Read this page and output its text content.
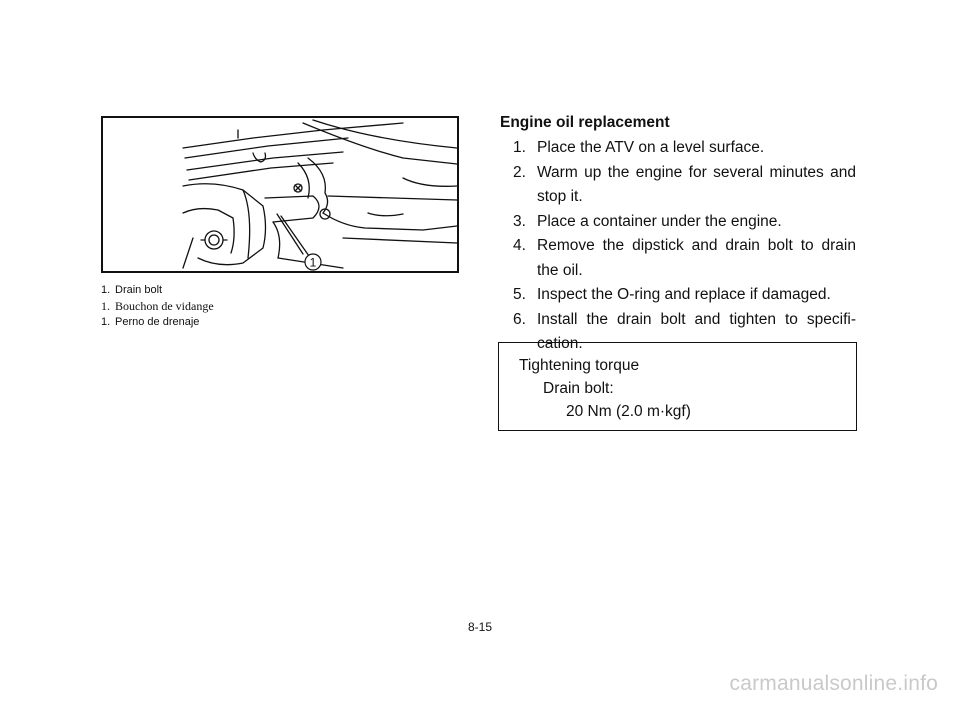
1
1. Drain bolt
1. Bouchon de vidange
1. Perno de drenaje
Engine oil replacement
1. Place the ATV on a level surface.
2. Warm up the engine for several minutes and stop it.
3. Place a container under the engine.
4. Remove the dipstick and drain bolt to drain the oil.
5. Inspect the O-ring and replace if damaged.
6. Install the drain bolt and tighten to specifi-cation.
Tightening torque
Drain bolt:
20 Nm (2.0 m·kgf)
8-15
carmanualsonline.info
